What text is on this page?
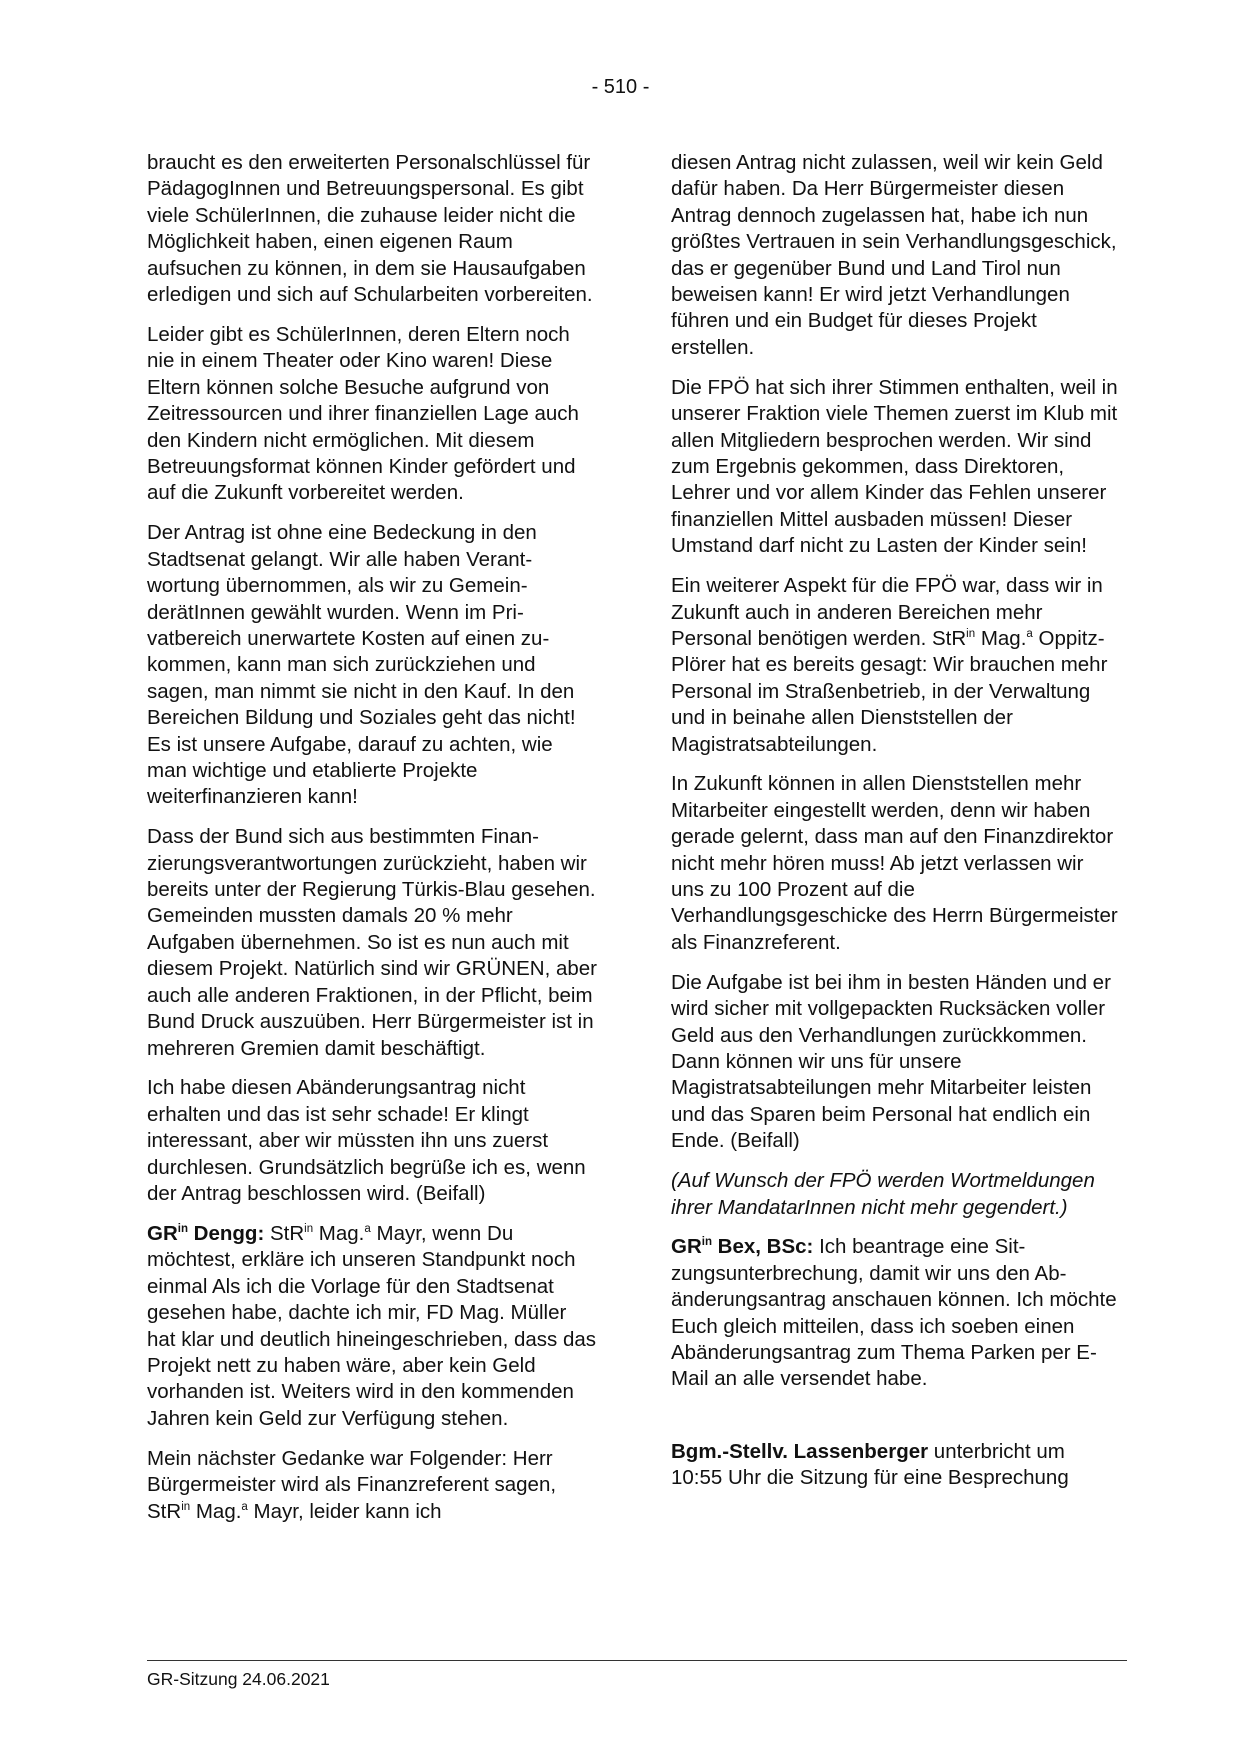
- 510 -

braucht es den erweiterten Personalschlüssel für PädagogInnen und Betreuungspersonal. Es gibt viele SchülerInnen, die zuhause leider nicht die Möglichkeit haben, einen eigenen Raum aufsuchen zu können, in dem sie Hausaufgaben erledigen und sich auf Schularbeiten vorbereiten.

Leider gibt es SchülerInnen, deren Eltern noch nie in einem Theater oder Kino waren! Diese Eltern können solche Besuche aufgrund von Zeitressourcen und ihrer finanziellen Lage auch den Kindern nicht ermöglichen. Mit diesem Betreuungsformat können Kinder gefördert und auf die Zukunft vorbereitet werden.

Der Antrag ist ohne eine Bedeckung in den Stadtsenat gelangt. Wir alle haben Verantwortung übernommen, als wir zu GemeinderätInnen gewählt wurden. Wenn im Privatbereich unerwartete Kosten auf einen zukommen, kann man sich zurückziehen und sagen, man nimmt sie nicht in den Kauf. In den Bereichen Bildung und Soziales geht das nicht! Es ist unsere Aufgabe, darauf zu achten, wie man wichtige und etablierte Projekte weiterfinanzieren kann!

Dass der Bund sich aus bestimmten Finanzierungsverantwortungen zurückzieht, haben wir bereits unter der Regierung Türkis-Blau gesehen. Gemeinden mussten damals 20 % mehr Aufgaben übernehmen. So ist es nun auch mit diesem Projekt. Natürlich sind wir GRÜNEN, aber auch alle anderen Fraktionen, in der Pflicht, beim Bund Druck auszuüben. Herr Bürgermeister ist in mehreren Gremien damit beschäftigt.

Ich habe diesen Abänderungsantrag nicht erhalten und das ist sehr schade! Er klingt interessant, aber wir müssten ihn uns zuerst durchlesen. Grundsätzlich begrüße ich es, wenn der Antrag beschlossen wird. (Beifall)

$GR^{in}$ Dengg: StR$^{in}$ Mag.$^a$ Mayr, wenn Du möchtest, erkläre ich unseren Standpunkt noch einmal Als ich die Vorlage für den Stadtsenat gesehen habe, dachte ich mir, FD Mag. Müller hat klar und deutlich hineingeschrieben, dass das Projekt nett zu haben wäre, aber kein Geld vorhanden ist. Weiters wird in den kommenden Jahren kein Geld zur Verfügung stehen.

Mein nächster Gedanke war Folgender: Herr Bürgermeister wird als Finanzreferent sagen, StR$^{in}$ Mag.$^a$ Mayr, leider kann ich

diesen Antrag nicht zulassen, weil wir kein Geld dafür haben. Da Herr Bürgermeister diesen Antrag dennoch zugelassen hat, habe ich nun größtes Vertrauen in sein Verhandlungsgeschick, das er gegenüber Bund und Land Tirol nun beweisen kann! Er wird jetzt Verhandlungen führen und ein Budget für dieses Projekt erstellen.

Die FPÖ hat sich ihrer Stimmen enthalten, weil in unserer Fraktion viele Themen zuerst im Klub mit allen Mitgliedern besprochen werden. Wir sind zum Ergebnis gekommen, dass Direktoren, Lehrer und vor allem Kinder das Fehlen unserer finanziellen Mittel ausbaden müssen! Dieser Umstand darf nicht zu Lasten der Kinder sein!

Ein weiterer Aspekt für die FPÖ war, dass wir in Zukunft auch in anderen Bereichen mehr Personal benötigen werden. StR$^{in}$ Mag.$^a$ Oppitz-Plörer hat es bereits gesagt: Wir brauchen mehr Personal im Straßenbetrieb, in der Verwaltung und in beinahe allen Dienststellen der Magistratsabteilungen.

In Zukunft können in allen Dienststellen mehr Mitarbeiter eingestellt werden, denn wir haben gerade gelernt, dass man auf den Finanzdirektor nicht mehr hören muss! Ab jetzt verlassen wir uns zu 100 Prozent auf die Verhandlungsgeschicke des Herrn Bürgermeister als Finanzreferent.

Die Aufgabe ist bei ihm in besten Händen und er wird sicher mit vollgepackten Rucksäcken voller Geld aus den Verhandlungen zurückkommen. Dann können wir uns für unsere Magistratsabteilungen mehr Mitarbeiter leisten und das Sparen beim Personal hat endlich ein Ende. (Beifall)

(Auf Wunsch der FPÖ werden Wortmeldungen ihrer MandatarInnen nicht mehr gegendert.)

$GR^{in}$ Bex, BSc: Ich beantrage eine Sitzungsunterbrechung, damit wir uns den Abänderungsantrag anschauen können. Ich möchte Euch gleich mitteilen, dass ich soeben einen Abänderungsantrag zum Thema Parken per E-Mail an alle versendet habe.

Bgm.-Stellv. Lassenberger unterbricht um 10:55 Uhr die Sitzung für eine Besprechung

GR-Sitzung 24.06.2021
